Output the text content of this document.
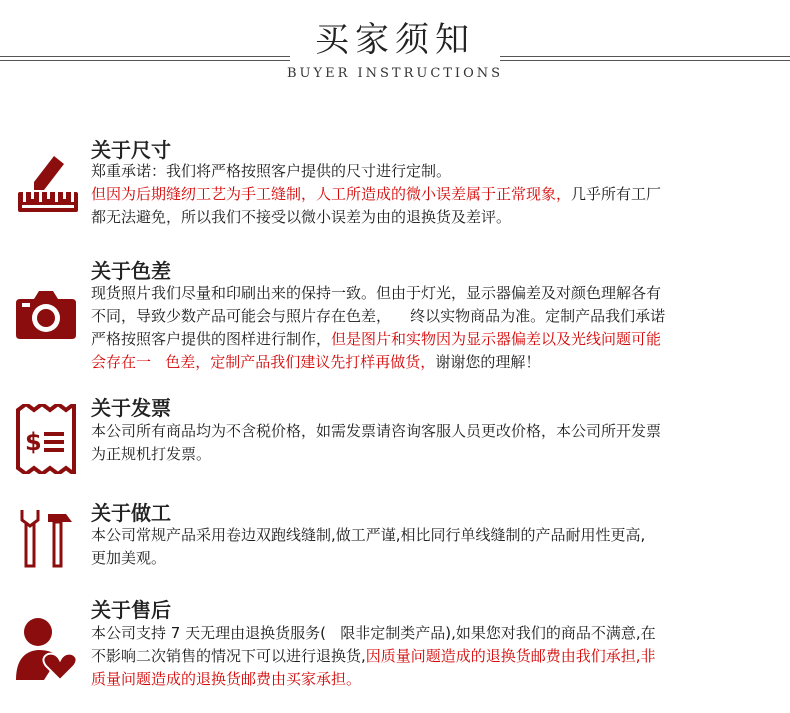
买家须知
BUYER INSTRUCTIONS
关于尺寸
郑重承诺：我们将严格按照客户提供的尺寸进行定制。
但因为后期缝纫工艺为手工缝制，人工所造成的微小误差属于正常现象，几乎所有工厂
都无法避免，所以我们不接受以微小误差为由的退换货及差评。
关于色差
现货照片我们尽量和印刷出来的保持一致。但由于灯光，显示器偏差及对颜色理解各有
不同，导致少数产品可能会与照片存在色差，    终以实物商品为准。定制产品我们承诺
严格按照客户提供的图样进行制作，但是图片和实物因为显示器偏差以及光线问题可能
会存在一   色差，定制产品我们建议先打样再做货，谢谢您的理解！
$
关于发票
本公司所有商品均为不含税价格，如需发票请咨询客服人员更改价格，本公司所开发票
为正规机打发票。
关于做工
本公司常规产品采用卷边双跑线缝制,做工严谨,相比同行单线缝制的产品耐用性更高,
更加美观。
关于售后
本公司支持 7 天无理由退换货服务(   限非定制类产品),如果您对我们的商品不满意,在
不影响二次销售的情况下可以进行退换货,因质量问题造成的退换货邮费由我们承担,非
质量问题造成的退换货邮费由买家承担。
